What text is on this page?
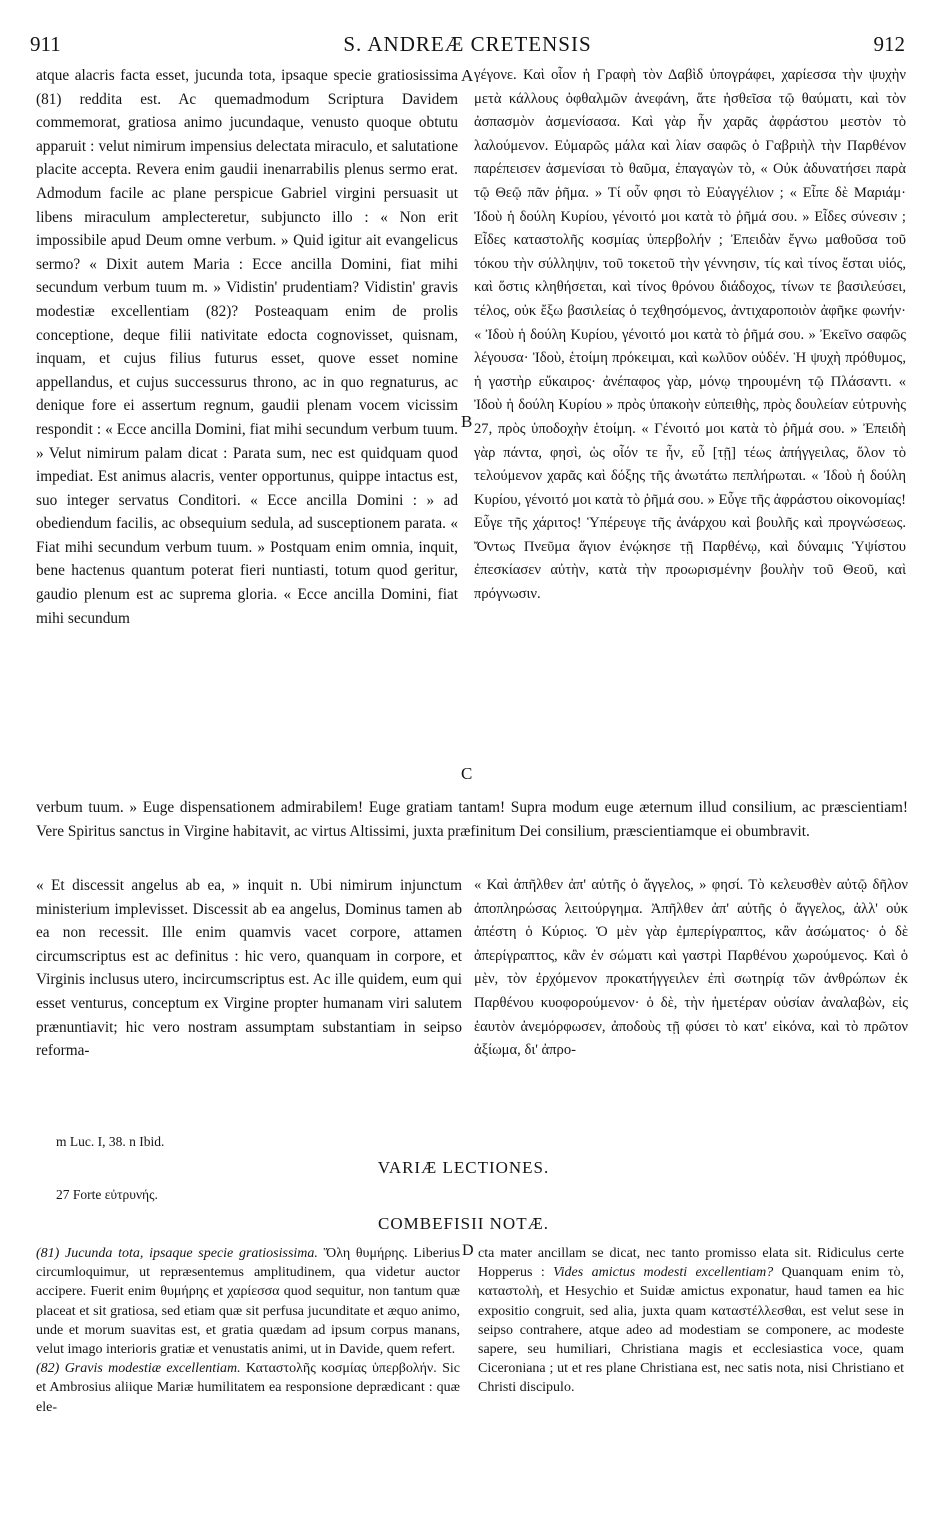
911	S. ANDREÆ CRETENSIS	912

atque alacris facta esset, jucunda tota, ipsaque specie gratiosissima (81) reddita est. Ac quemadmodum Scriptura Davidem commemorat, gratiosa animo jucundaque, venusto quoque obtutu apparuit : velut nimirum impensius delectata miraculo, et salutatione placite accepta. Revera enim gaudii inenarrabilis plenus sermo erat. Admodum facile ac plane perspicue Gabriel virgini persuasit ut libens miraculum amplecteretur, subjuncto illo : « Non erit impossibile apud Deum omne verbum. » Quid igitur ait evangelicus sermo? « Dixit autem Maria : Ecce ancilla Domini, fiat mihi secundum verbum tuum m. » Vidistin' prudentiam? Vidistin' gravis modestiæ excellentiam (82)? Posteaquam enim de prolis conceptione, deque filii nativitate edocta cognovisset, quisnam, inquam, et cujus filius futurus esset, quove esset nomine appellandus, et cujus successurus throno, ac in quo regnaturus, ac denique fore ei assertum regnum, gaudii plenam vocem vicissim respondit : « Ecce ancilla Domini, fiat mihi secundum verbum tuum. » Velut nimirum palam dicat : Parata sum, nec est quidquam quod impediat. Est animus alacris, venter opportunus, quippe intactus est, suo integer servatus Conditori. « Ecce ancilla Domini : » ad obediendum facilis, ac obsequium sedula, ad susceptionem parata. « Fiat mihi secundum verbum tuum. » Postquam enim omnia, inquit, bene hactenus quantum poterat fieri nuntiasti, totum quod geritur, gaudio plenum est ac suprema gloria. « Ecce ancilla Domini, fiat mihi secundum

A
B
C

γέγονε. Καὶ οἷον ἡ Γραφὴ τὸν Δαβὶδ ὑπογράφει, χαρίεσσα τὴν ψυχὴν μετὰ κάλλους ὀφθαλμῶν ἀνεφάνη, ἅτε ἡσθεῖσα τῷ θαύματι, καὶ τὸν ἀσπασμὸν ἀσμενίσασα. Καὶ γὰρ ἦν χαρᾶς ἀφράστου μεστὸν τὸ λαλούμενον. Εὐμαρῶς μάλα καὶ λίαν σαφῶς ὁ Γαβριὴλ τὴν Παρθένον παρέπεισεν ἀσμενίσαι τὸ θαῦμα, ἐπαγαγὼν τὸ, « Οὐκ ἀδυνατήσει παρὰ τῷ Θεῷ πᾶν ῥῆμα. » Τί οὖν φησι τὸ Εὐαγγέλιον ; « Εἶπε δὲ Μαριάμ· Ἰδοὺ ἡ δούλη Κυρίου, γένοιτό μοι κατὰ τὸ ῥῆμά σου. » Εἶδες σύνεσιν ; Εἶδες καταστολῆς κοσμίας ὑπερβολήν ; Ἐπειδὰν ἔγνω μαθοῦσα τοῦ τόκου τὴν σύλληψιν, τοῦ τοκετοῦ τὴν γέννησιν, τίς καὶ τίνος ἔσται υἱός, καὶ ὅστις κληθήσεται, καὶ τίνος θρόνου διάδοχος, τίνων τε βασιλεύσει, τέλος, οὐκ ἔξω βασιλείας ὁ τεχθησόμενος, ἀντιχαροποιὸν ἀφῆκε φωνήν· « Ἰδοὺ ἡ δούλη Κυρίου, γένοιτό μοι κατὰ τὸ ῥῆμά σου. » Ἐκεῖνο σαφῶς λέγουσα· Ἰδοὺ, ἑτοίμη πρόκειμαι, καὶ κωλῦον οὐδέν. Ἡ ψυχὴ πρόθυμος, ἡ γαστὴρ εὔκαιρος· ἀνέπαφος γὰρ, μόνῳ τηρουμένη τῷ Πλάσαντι. « Ἰδοὺ ἡ δούλη Κυρίου » πρὸς ὑπακοὴν εὐπειθὴς, πρὸς δουλείαν εὐτρυνὴς 27, πρὸς ὑποδοχὴν ἑτοίμη. « Γένοιτό μοι κατὰ τὸ ῥῆμά σου. » Ἐπειδὴ γὰρ πάντα, φησὶ, ὡς οἷόν τε ἦν, εὖ [τῇ] τέως ἀπήγγειλας, ὅλον τὸ τελούμενον χαρᾶς καὶ δόξης τῆς ἀνωτάτω πεπλήρωται. « Ἰδοὺ ἡ δούλη Κυρίου, γένοιτό μοι κατὰ τὸ ῥῆμά σου. » Εὖγε τῆς ἀφράστου οἰκονομίας! Εὖγε τῆς χάριτος! Ὑπέρευγε τῆς ἀνάρχου καὶ βουλῆς καὶ προγνώσεως. Ὄντως Πνεῦμα ἅγιον ἐνῴκησε τῇ Παρθένῳ, καὶ δύναμις Ὑψίστου ἐπεσκίασεν αὐτὴν, κατὰ τὴν προωρισμένην βουλὴν τοῦ Θεοῦ, καὶ πρόγνωσιν.

verbum tuum. » Euge dispensationem admirabilem! Euge gratiam tantam! Supra modum euge æternum illud consilium, ac præscientiam! Vere Spiritus sanctus in Virgine habitavit, ac virtus Altissimi, juxta præfinitum Dei consilium, præscientiamque ei obumbravit.

« Et discessit angelus ab ea, » inquit n. Ubi nimirum injunctum ministerium implevisset. Discessit ab ea angelus, Dominus tamen ab ea non recessit. Ille enim quamvis vacet corpore, attamen circumscriptus est ac definitus : hic vero, quanquam in corpore, et Virginis inclusus utero, incircumscriptus est. Ac ille quidem, eum qui esset venturus, conceptum ex Virgine propter humanam viri salutem prænuntiavit; hic vero nostram assumptam substantiam in seipso reforma-

« Καὶ ἀπῆλθεν ἀπ' αὐτῆς ὁ ἄγγελος, » φησί. Τὸ κελευσθὲν αὐτῷ δῆλον ἀποπληρώσας λειτούργημα. Ἀπῆλθεν ἀπ' αὐτῆς ὁ ἄγγελος, ἀλλ' οὐκ ἀπέστη ὁ Κύριος. Ὁ μὲν γὰρ ἐμπερίγραπτος, κἂν ἀσώματος· ὁ δὲ ἀπερίγραπτος, κἂν ἐν σώματι καὶ γαστρὶ Παρθένου χωρούμενος. Καὶ ὁ μὲν, τὸν ἐρχόμενον προκατήγγειλεν ἐπὶ σωτηρίᾳ τῶν ἀνθρώπων ἐκ Παρθένου κυοφορούμενον· ὁ δὲ, τὴν ἡμετέραν οὐσίαν ἀναλαβὼν, εἰς ἑαυτὸν ἀνεμόρφωσεν, ἀποδοὺς τῇ φύσει τὸ κατ' εἰκόνα, καὶ τὸ πρῶτον ἀξίωμα, δι' ἀπρο-

m Luc. I, 38. n Ibid.
VARIÆ LECTIONES.
27 Forte εὐτρυνής.
COMBEFISII NOTÆ.

(81) Jucunda tota, ipsaque specie gratiosissima. Ὅλη θυμήρης. Liberius circumloquimur, ut repræsentemus amplitudinem, qua videtur auctor accipere. Fuerit enim θυμήρης et χαρίεσσα quod sequitur, non tantum quæ placeat et sit gratiosa, sed etiam quæ sit perfusa jucunditate et æquo animo, unde et morum suavitas est, et gratia quædam ad ipsum corpus manans, velut imago interioris gratiæ et venustatis animi, ut in Davide, quem refert.

(82) Gravis modestiæ excellentiam. Καταστολῆς κοσμίας ὑπερβολήν. Sic et Ambrosius aliique Mariæ humilitatem ea responsione deprædicant : quæ ele-

D cta mater ancillam se dicat, nec tanto promisso elata sit. Ridiculus certe Hopperus : Vides amictus modesti excellentiam? Quanquam enim τὸ, καταστολὴ, et Hesychio et Suidæ amictus exponatur, haud tamen ea hic expositio congruit, sed alia, juxta quam καταστέλλεσθαι, est velut sese in seipso contrahere, atque adeo ad modestiam se componere, ac modeste sapere, seu humiliari, Christiana magis et ecclesiastica voce, quam Ciceroniana ; ut et res plane Christiana est, nec satis nota, nisi Christiano et Christi discipulo.
